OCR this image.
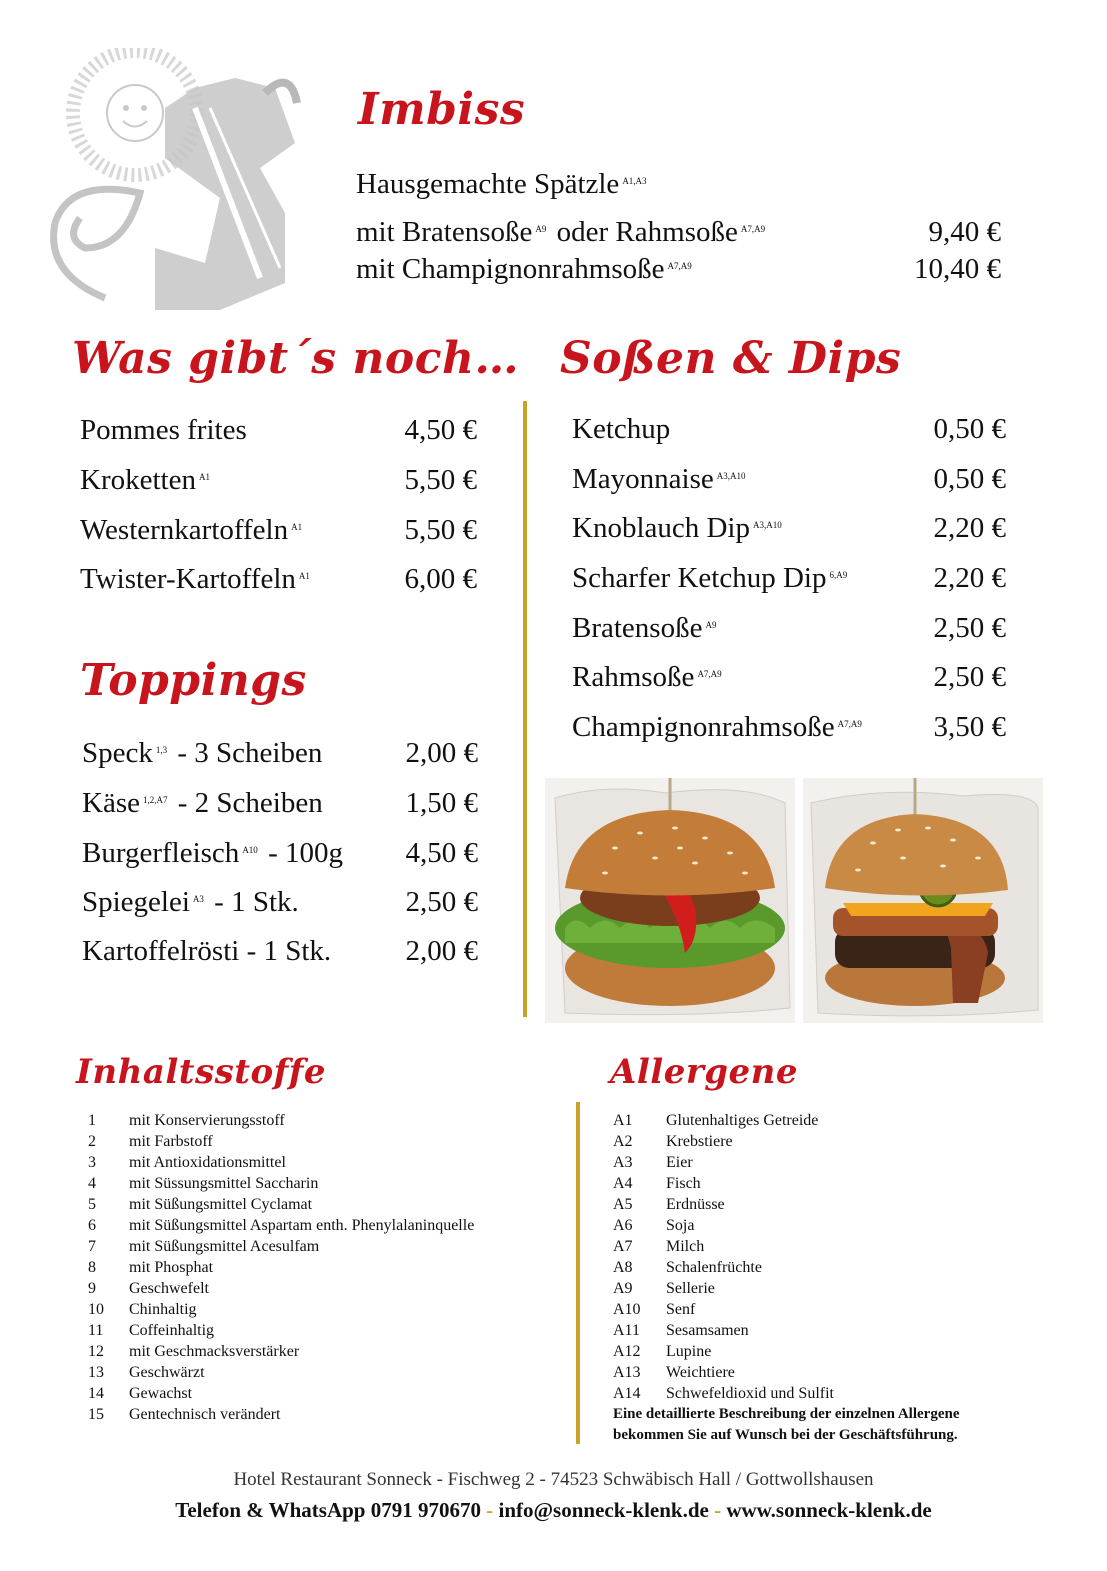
Imbiss
Hausgemachte Spätzle $^{A1,A3}$
mit Bratensoße $^{A9}$ oder Rahmsoße $^{A7,A9}$	9,40 €
mit Champignonrahmsoße $^{A7,A9}$	10,40 €
Was gibt´s noch…
Pommes frites	4,50 €
Kroketten $^{A1}$	5,50 €
Westernkartoffeln $^{A1}$	5,50 €
Twister-Kartoffeln $^{A1}$	6,00 €
Toppings
Speck $^{1,3}$ - 3 Scheiben	2,00 €
Käse $^{1,2,A7}$ - 2 Scheiben	1,50 €
Burgerfleisch $^{A10}$ - 100g 4,50 €
Spiegelei $^{A3}$ - 1 Stk.	2,50 €
Kartoffelrösti - 1 Stk.	2,00 €
Soßen & Dips
Ketchup	0,50 €
Mayonnaise $^{A3,A10}$	0,50 €
Knoblauch Dip $^{A3,A10}$	2,20 €
Scharfer Ketchup Dip $^{6,A9}$	2,20 €
Bratensoße $^{A9}$	2,50 €
Rahmsoße $^{A7,A9}$	2,50 €
Champignonrahmsoße $^{A7,A9}$ 3,50 €
Inhaltsstoffe
1 mit Konservierungsstoff
2 mit Farbstoff
3 mit Antioxidationsmittel
4 mit Süssungsmittel Saccharin
5 mit Süßungsmittel Cyclamat
6 mit Süßungsmittel Aspartam enth. Phenylalaninquelle
7 mit Süßungsmittel Acesulfam
8 mit Phosphat
9 Geschwefelt
10 Chinhaltig
11 Coffeinhaltig
12 mit Geschmacksverstärker
13 Geschwärzt
14 Gewachst
15 Gentechnisch verändert
Allergene
A1 Glutenhaltiges Getreide
A2 Krebstiere
A3 Eier
A4 Fisch
A5 Erdnüsse
A6 Soja
A7 Milch
A8 Schalenfrüchte
A9 Sellerie
A10 Senf
A11 Sesamsamen
A12 Lupine
A13 Weichtiere
A14 Schwefeldioxid und Sulfit
Eine detaillierte Beschreibung der einzelnen Allergene
bekommen Sie auf Wunsch bei der Geschäftsführung.
Hotel Restaurant Sonneck - Fischweg 2 - 74523 Schwäbisch Hall / Gottwollshausen
Telefon & WhatsApp 0791 970670 - info@sonneck-klenk.de - www.sonneck-klenk.de
